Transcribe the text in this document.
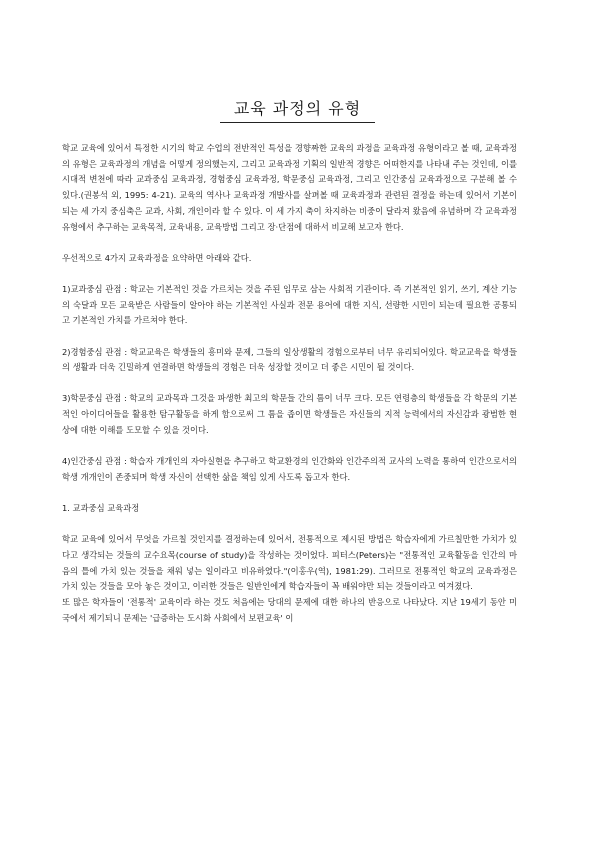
교육 과정의 유형

학교 교육에 있어서 특정한 시기의 학교 수업의 전반적인 특성을 경향짜한 교육의 과정을 교육과정 유형이라고 볼 때, 교육과정의 유형은 교육과정의 개념을 어떻게 정의했는지, 그리고 교육과정 기획의 일반적 경향은 어떠한지를 나타내 주는 것인데, 이를 시대적 변천에 따라 교과중심 교육과정, 경험중심 교육과정, 학문중심 교육과정, 그리고 인간중심 교육과정으로 구분해 볼 수 있다.(권봉석 외, 1995: 4-21). 교육의 역사나 교육과정 개발사를 살펴볼 때 교육과정과 관련된 결정을 하는데 있어서 기본이 되는 세 가지 중심축은 교과, 사회, 개인이라 할 수 있다. 이 세 가지 축이 차지하는 비중이 달라져 왔음에 유념하며 각 교육과정 유형에서 추구하는 교육목적, 교육내용, 교육방법 그리고 장·단점에 대하서 비교해 보고자 한다.

우선적으로 4가지 교육과정을 요약하면 아래와 같다.

1)교과중심 관점 : 학교는 기본적인 것을 가르치는 것을 주된 임무로 삼는 사회적 기관이다. 즉 기본적인 읽기, 쓰기, 계산 기능의 숙달과 모든 교육받은 사람들이 알아야 하는 기본적인 사실과 전문 용어에 대한 지식, 선량한 시민이 되는데 필요한 공통되고 기본적인 가치를 가르쳐야 한다.

2)경험중심 관점 : 학교교육은 학생들의 흥미와 문제, 그들의 일상생활의 경험으로부터 너무 유리되어있다. 학교교육을 학생들의 생활과 더욱 긴밀하게 연결하면 학생들의 경험은 더욱 성장할 것이고 더 좋은 시민이 될 것이다.

3)학문중심 관점 : 학교의 교과목과 그것을 파생한 최고의 학문들 간의 틈이 너무 크다. 모든 연령층의 학생들을 각 학문의 기본적인 아이디어들을 활용한 탐구활동을 하게 함으로써 그 틈을 좁이면 학생들은 자신들의 지적 능력에서의 자신감과 광범한 현상에 대한 이해를 도모할 수 있을 것이다.

4)인간중심 관점 : 학습자 개개인의 자아실현을 추구하고 학교환경의 인간화와 인간주의적 교사의 노력을 통하여 인간으로서의 학생 개개인이 존중되며 학생 자신이 선택한 삶을 책임 있게 사도록 돕고자 한다.

1. 교과중심 교육과정

학교 교육에 있어서 무엇을 가르칠 것인지를 결정하는데 있어서, 전통적으로 제시된 방법은 학습자에게 가르칠만한 가치가 있다고 생각되는 것들의 교수요목(course of study)을 작성하는 것이었다. 피터스(Peters)는 "전통적인 교육활동을 인간의 마음의 틀에 가치 있는 것들을 채워 넣는 일이라고 비유하였다."(이홍우(역), 1981:29). 그러므로 전통적인 학교의 교육과정은 가치 있는 것들을 모아 놓은 것이고, 이러한 것들은 일반인에게 학습자들이 꼭 배워야만 되는 것들이라고 여겨졌다.

또 많은 학자들이 '전통적' 교육이라 하는 것도 처음에는 당대의 문제에 대한 하나의 반응으로 나타났다. 지난 19세기 동안 미국에서 제기되니 문제는 '급증하는 도시화 사회에서 보편교육' 이
